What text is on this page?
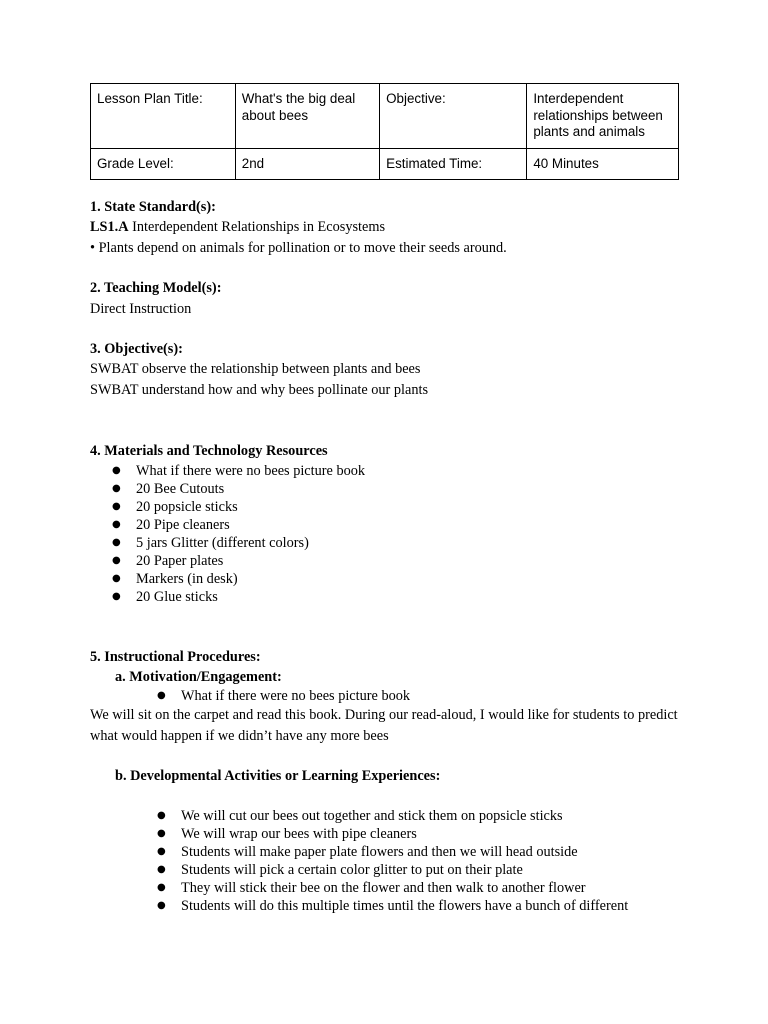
Lesson Plan Title:	What's the big deal about bees	Objective:	Interdependent relationships between plants and animals
Grade Level:	2nd	Estimated Time:	40 Minutes

1. State Standard(s):

LS1.A Interdependent Relationships in Ecosystems

• Plants depend on animals for pollination or to move their seeds around.

2. Teaching Model(s):

Direct Instruction

3. Objective(s):

SWBAT observe the relationship between plants and bees

SWBAT understand how and why bees pollinate our plants

4. Materials and Technology Resources

● What if there were no bees picture book
● 20 Bee Cutouts
● 20 popsicle sticks
● 20 Pipe cleaners
● 5 jars Glitter (different colors)
● 20 Paper plates
● Markers (in desk)
● 20 Glue sticks

5. Instructional Procedures:

a. Motivation/Engagement:

● What if there were no bees picture book

We will sit on the carpet and read this book. During our read-aloud, I would like for students to predict what would happen if we didn’t have any more bees

b. Developmental Activities or Learning Experiences:

● We will cut our bees out together and stick them on popsicle sticks
● We will wrap our bees with pipe cleaners
● Students will make paper plate flowers and then we will head outside
● Students will pick a certain color glitter to put on their plate
● They will stick their bee on the flower and then walk to another flower
● Students will do this multiple times until the flowers have a bunch of different
